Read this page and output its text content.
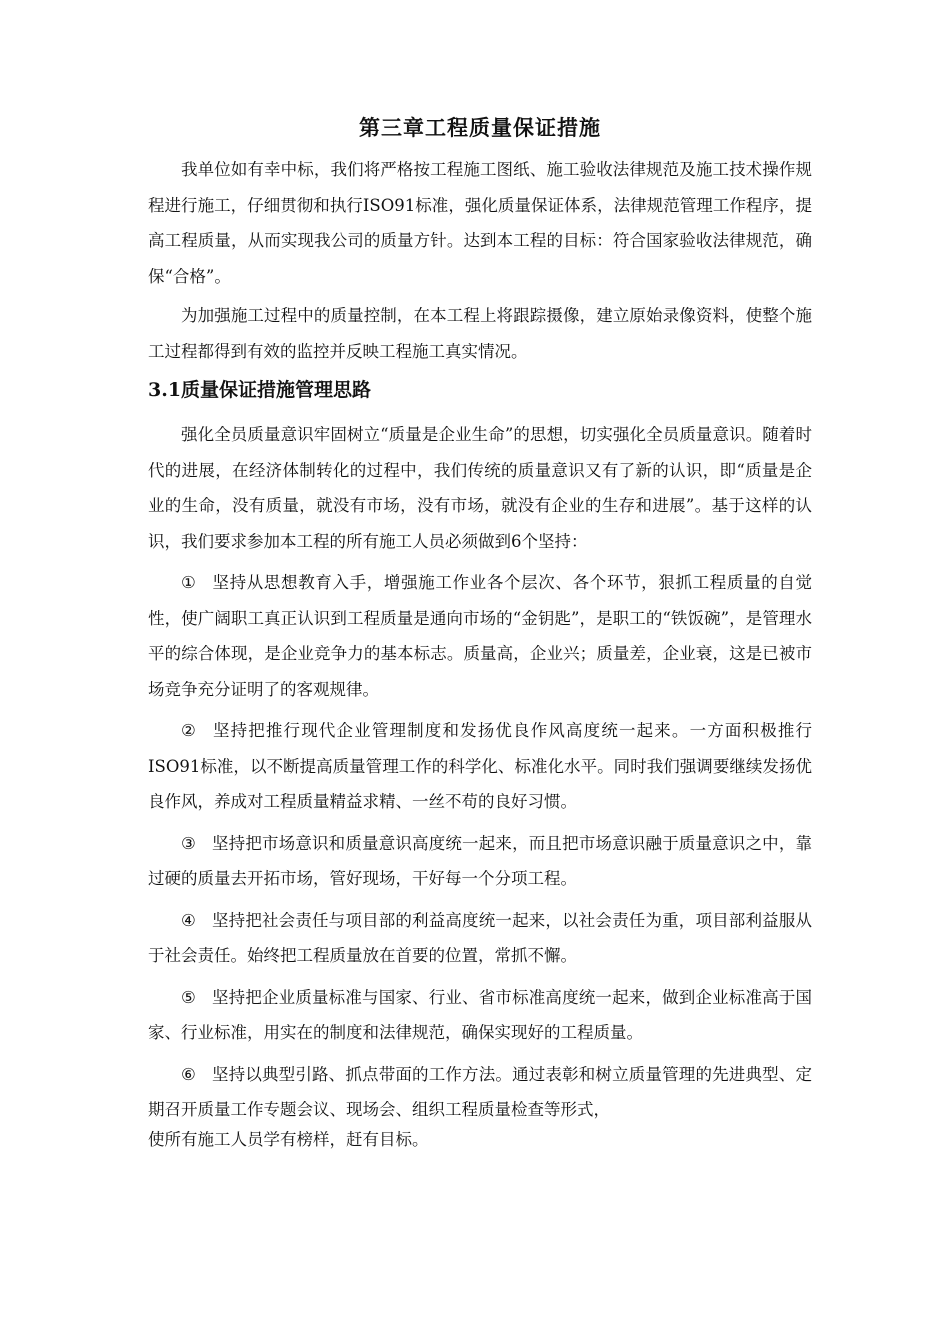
第三章工程质量保证措施

我单位如有幸中标，我们将严格按工程施工图纸、施工验收法律规范及施工技术操作规程进行施工，仔细贯彻和执行ISO91标准，强化质量保证体系，法律规范管理工作程序，提高工程质量，从而实现我公司的质量方针。达到本工程的目标：符合国家验收法律规范，确保“合格”。

为加强施工过程中的质量控制，在本工程上将跟踪摄像，建立原始录像资料，使整个施工过程都得到有效的监控并反映工程施工真实情况。

3.1质量保证措施管理思路

强化全员质量意识牢固树立“质量是企业生命”的思想，切实强化全员质量意识。随着时代的进展，在经济体制转化的过程中，我们传统的质量意识又有了新的认识，即“质量是企业的生命，没有质量，就没有市场，没有市场，就没有企业的生存和进展”。基于这样的认识，我们要求参加本工程的所有施工人员必须做到6个坚持：

① 坚持从思想教育入手，增强施工作业各个层次、各个环节，狠抓工程质量的自觉性，使广阔职工真正认识到工程质量是通向市场的“金钥匙”，是职工的“铁饭碗”，是管理水平的综合体现，是企业竞争力的基本标志。质量高，企业兴；质量差，企业衰，这是已被市场竞争充分证明了的客观规律。

② 坚持把推行现代企业管理制度和发扬优良作风高度统一起来。一方面积极推行ISO91标准，以不断提高质量管理工作的科学化、标准化水平。同时我们强调要继续发扬优良作风，养成对工程质量精益求精、一丝不苟的良好习惯。

③ 坚持把市场意识和质量意识高度统一起来，而且把市场意识融于质量意识之中，靠过硬的质量去开拓市场，管好现场，干好每一个分项工程。

④ 坚持把社会责任与项目部的利益高度统一起来，以社会责任为重，项目部利益服从于社会责任。始终把工程质量放在首要的位置，常抓不懈。

⑤ 坚持把企业质量标准与国家、行业、省市标准高度统一起来，做到企业标准高于国家、行业标准，用实在的制度和法律规范，确保实现好的工程质量。

⑥ 坚持以典型引路、抓点带面的工作方法。通过表彰和树立质量管理的先进典型、定期召开质量工作专题会议、现场会、组织工程质量检查等形式，

使所有施工人员学有榜样，赶有目标。
